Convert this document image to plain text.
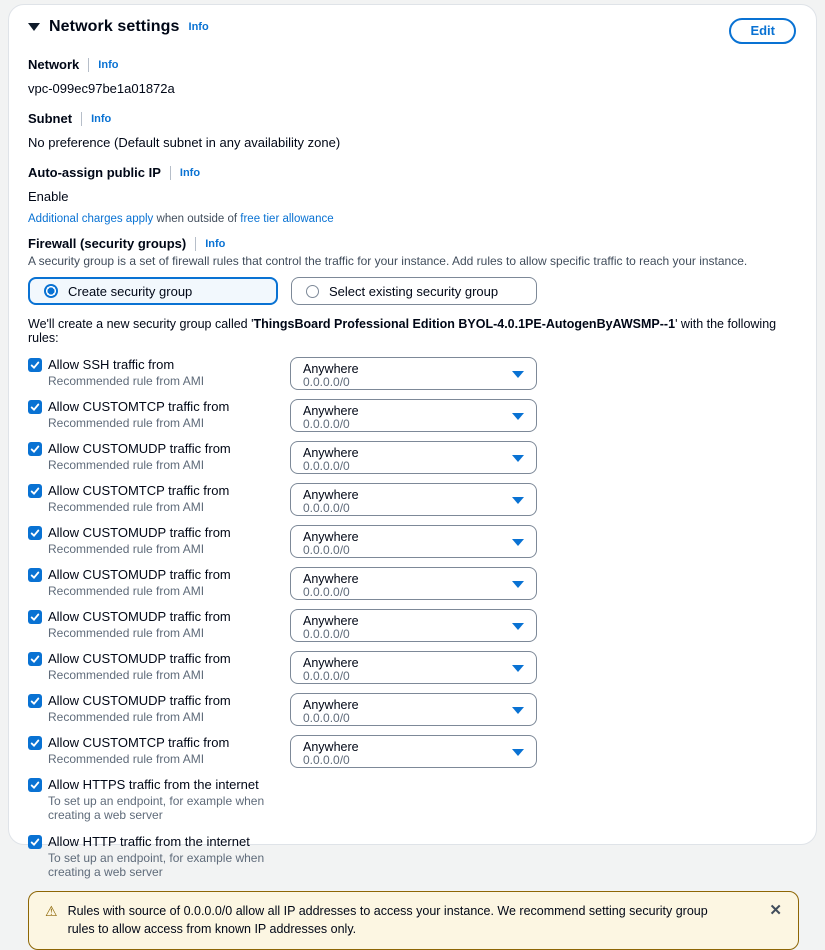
Network settings Info	Edit
Network Info
vpc-099ec97be1a01872a
Subnet Info
No preference (Default subnet in any availability zone)
Auto-assign public IP Info
Enable
Additional charges apply when outside of free tier allowance
Firewall (security groups) Info
A security group is a set of firewall rules that control the traffic for your instance. Add rules to allow specific traffic to reach your instance.
Create security group	Select existing security group
We'll create a new security group called 'ThingsBoard Professional Edition BYOL-4.0.1PE-AutogenByAWSMP--1' with the following rules:
Allow SSH traffic from
Recommended rule from AMI
Anywhere
0.0.0.0/0
Allow CUSTOMTCP traffic from
Recommended rule from AMI
Anywhere
0.0.0.0/0
Allow CUSTOMUDP traffic from
Recommended rule from AMI
Anywhere
0.0.0.0/0
Allow CUSTOMTCP traffic from
Recommended rule from AMI
Anywhere
0.0.0.0/0
Allow CUSTOMUDP traffic from
Recommended rule from AMI
Anywhere
0.0.0.0/0
Allow CUSTOMUDP traffic from
Recommended rule from AMI
Anywhere
0.0.0.0/0
Allow CUSTOMUDP traffic from
Recommended rule from AMI
Anywhere
0.0.0.0/0
Allow CUSTOMUDP traffic from
Recommended rule from AMI
Anywhere
0.0.0.0/0
Allow CUSTOMUDP traffic from
Recommended rule from AMI
Anywhere
0.0.0.0/0
Allow CUSTOMTCP traffic from
Recommended rule from AMI
Anywhere
0.0.0.0/0
Allow HTTPS traffic from the internet
To set up an endpoint, for example when creating a web server
Allow HTTP traffic from the internet
To set up an endpoint, for example when creating a web server
⚠ Rules with source of 0.0.0.0/0 allow all IP addresses to access your instance. We recommend setting security group rules to allow access from known IP addresses only.
✕
